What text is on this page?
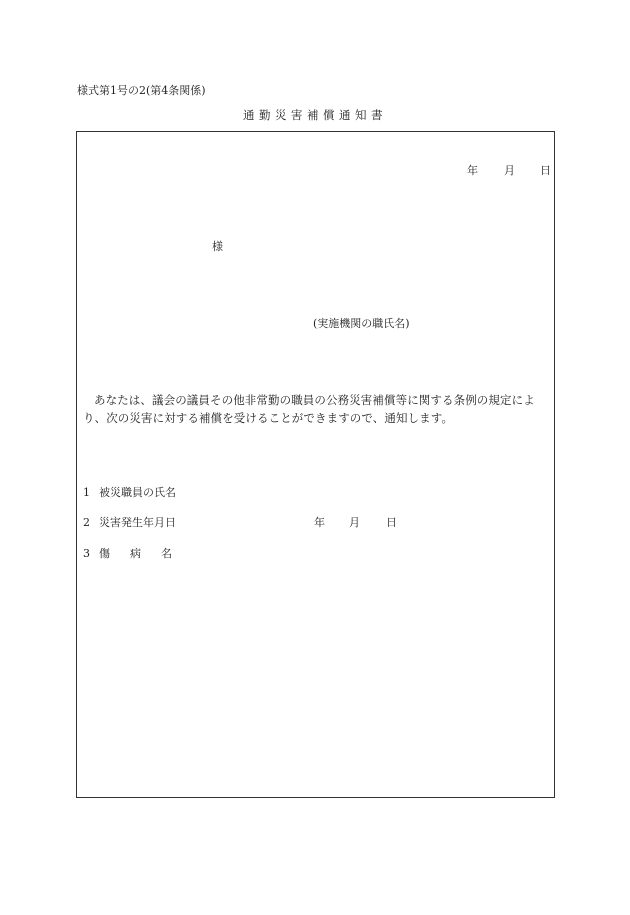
様式第1号の2(第4条関係)
通勤災害補償通知書
年 月 日
様
(実施機関の職氏名)
あなたは、議会の議員その他非常勤の職員の公務災害補償等に関する条例の規定により、次の災害に対する補償を受けることができますので、通知します。
1 被災職員の氏名
2 災害発生年月日
3 傷病名
年 月 日
